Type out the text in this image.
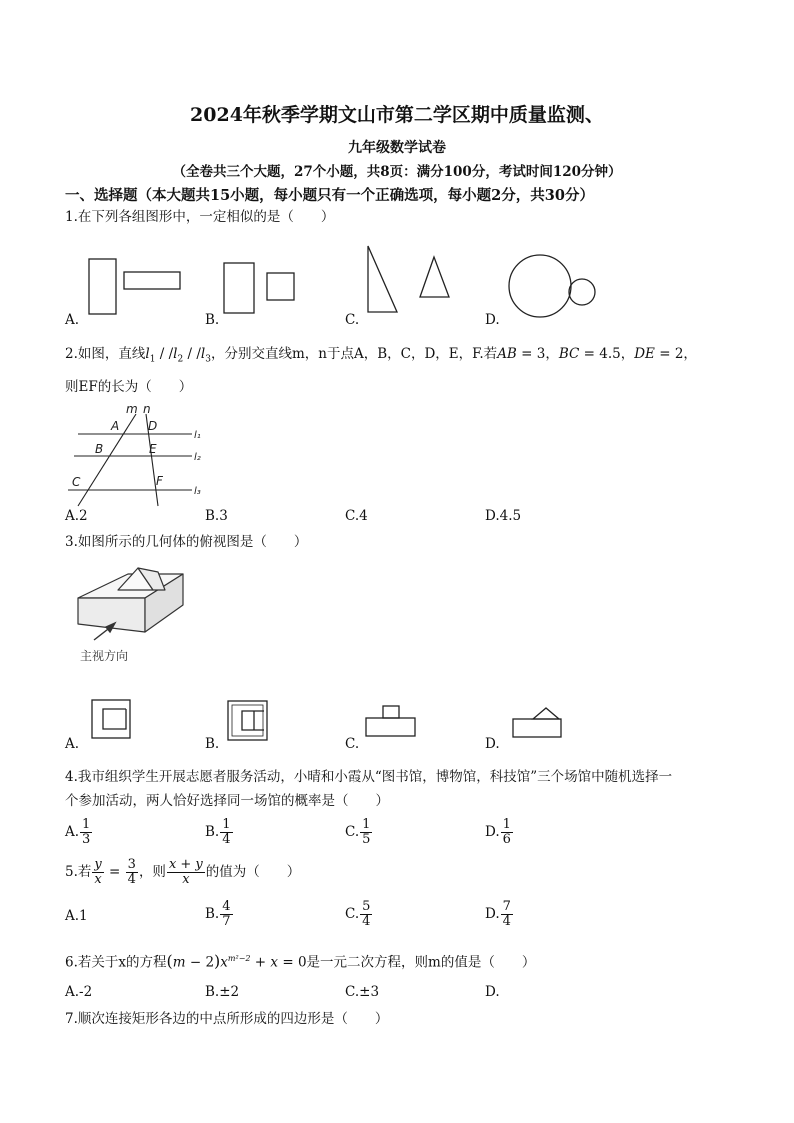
2024年秋季学期文山市第二学区期中质量监测、
九年级数学试卷
（全卷共三个大题，27个小题，共8页：满分100分，考试时间120分钟）
一、选择题（本大题共15小题，每小题只有一个正确选项，每小题2分，共30分）
1.在下列各组图形中，一定相似的是（　　）
A.	B.	C.	D.
2.如图，直线$l_1 / /l_2 / /l_3$，分别交直线m，n于点A，B，C，D，E，F.若AB = 3，BC = 4.5，DE = 2，
则EF的长为（　　）
m n
A D
B	E
C	F
l₁
l₂
l₃
A.2	B.3	C.4	D.4.5
3.如图所示的几何体的俯视图是（　　）
主视方向
A.	B.	C.	D.
4.我市组织学生开展志愿者服务活动，小晴和小霞从“图书馆，博物馆，科技馆”三个场馆中随机选择一
个参加活动，两人恰好选择同一场馆的概率是（　　）
A. $\frac{1}{3}$	B. $\frac{1}{4}$	C. $\frac{1}{5}$	D. $\frac{1}{6}$
5.若 $\frac{y}{x} = \frac{3}{4}$ ，则 $\frac{x + y}{x}$ 的值为（　　）
A.1	B. $\frac{4}{7}$	C. $\frac{5}{4}$	D. $\frac{7}{4}$
6.若关于x的方程$(m - 2)x^{m^2-2} + x = 0$是一元二次方程，则m的值是（　　）
A.-2	B.±2	C.±3	D.
7.顺次连接矩形各边的中点所形成的四边形是（　　）
